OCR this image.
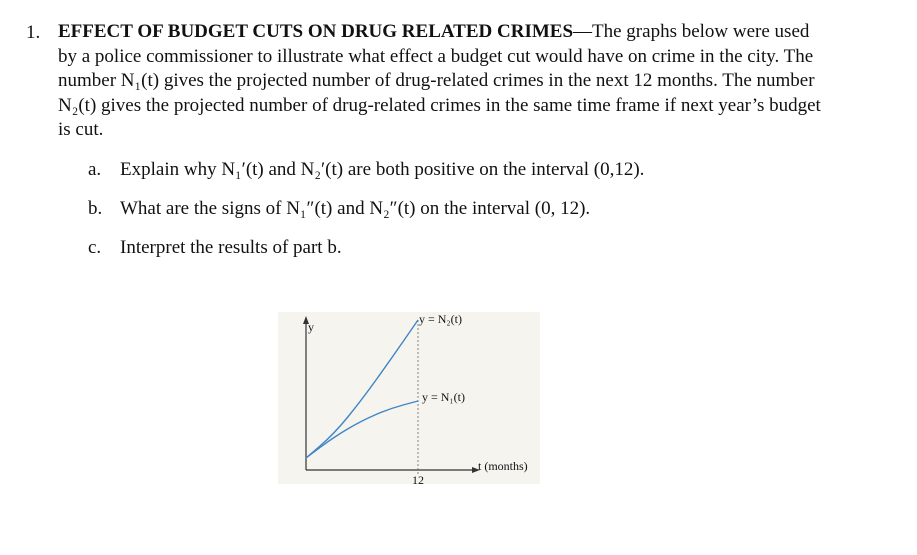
1. EFFECT OF BUDGET CUTS ON DRUG RELATED CRIMES—The graphs below were used by a police commissioner to illustrate what effect a budget cut would have on crime in the city. The number N₁(t) gives the projected number of drug-related crimes in the next 12 months. The number N₂(t) gives the projected number of drug-related crimes in the same time frame if next year’s budget is cut.
a. Explain why N₁′(t) and N₂′(t) are both positive on the interval (0,12).
b. What are the signs of N₁″(t) and N₂″(t) on the interval (0, 12).
c. Interpret the results of part b.
y
y = N₂(t)
y = N₁(t)
t (months)
12
